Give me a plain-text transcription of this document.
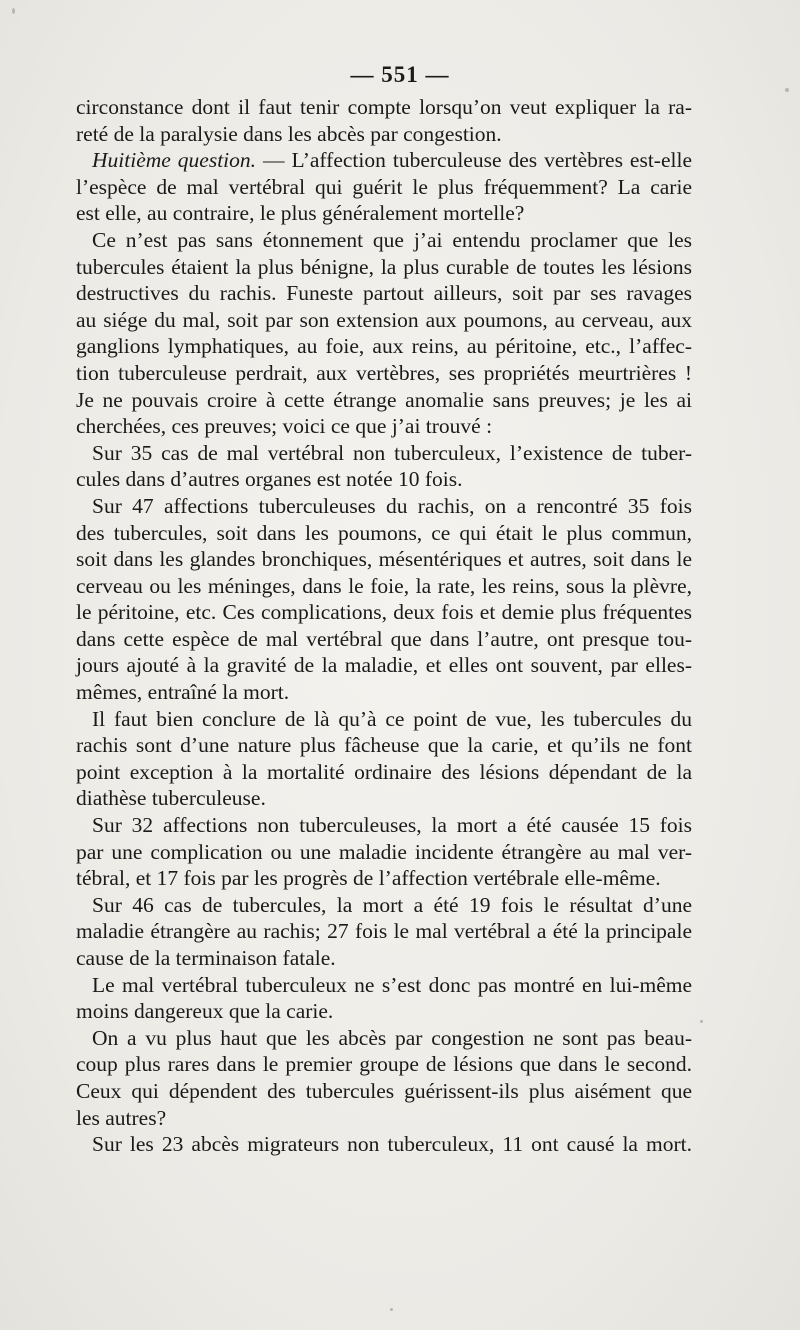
— 551 —
circonstance dont il faut tenir compte lorsqu’on veut expliquer la ra-
reté de la paralysie dans les abcès par congestion.
Huitième question. — L’affection tuberculeuse des vertèbres est-elle
l’espèce de mal vertébral qui guérit le plus fréquemment? La carie
est elle, au contraire, le plus généralement mortelle?
Ce n’est pas sans étonnement que j’ai entendu proclamer que les
tubercules étaient la plus bénigne, la plus curable de toutes les lésions
destructives du rachis. Funeste partout ailleurs, soit par ses ravages
au siége du mal, soit par son extension aux poumons, au cerveau, aux
ganglions lymphatiques, au foie, aux reins, au péritoine, etc., l’affec-
tion tuberculeuse perdrait, aux vertèbres, ses propriétés meurtrières !
Je ne pouvais croire à cette étrange anomalie sans preuves; je les ai
cherchées, ces preuves; voici ce que j’ai trouvé :
Sur 35 cas de mal vertébral non tuberculeux, l’existence de tuber-
cules dans d’autres organes est notée 10 fois.
Sur 47 affections tuberculeuses du rachis, on a rencontré 35 fois
des tubercules, soit dans les poumons, ce qui était le plus commun,
soit dans les glandes bronchiques, mésentériques et autres, soit dans le
cerveau ou les méninges, dans le foie, la rate, les reins, sous la plèvre,
le péritoine, etc. Ces complications, deux fois et demie plus fréquentes
dans cette espèce de mal vertébral que dans l’autre, ont presque tou-
jours ajouté à la gravité de la maladie, et elles ont souvent, par elles-
mêmes, entraîné la mort.
Il faut bien conclure de là qu’à ce point de vue, les tubercules du
rachis sont d’une nature plus fâcheuse que la carie, et qu’ils ne font
point exception à la mortalité ordinaire des lésions dépendant de la
diathèse tuberculeuse.
Sur 32 affections non tuberculeuses, la mort a été causée 15 fois
par une complication ou une maladie incidente étrangère au mal ver-
tébral, et 17 fois par les progrès de l’affection vertébrale elle-même.
Sur 46 cas de tubercules, la mort a été 19 fois le résultat d’une
maladie étrangère au rachis; 27 fois le mal vertébral a été la principale
cause de la terminaison fatale.
Le mal vertébral tuberculeux ne s’est donc pas montré en lui-même
moins dangereux que la carie.
On a vu plus haut que les abcès par congestion ne sont pas beau-
coup plus rares dans le premier groupe de lésions que dans le second.
Ceux qui dépendent des tubercules guérissent-ils plus aisément que
les autres?
Sur les 23 abcès migrateurs non tuberculeux, 11 ont causé la mort.
